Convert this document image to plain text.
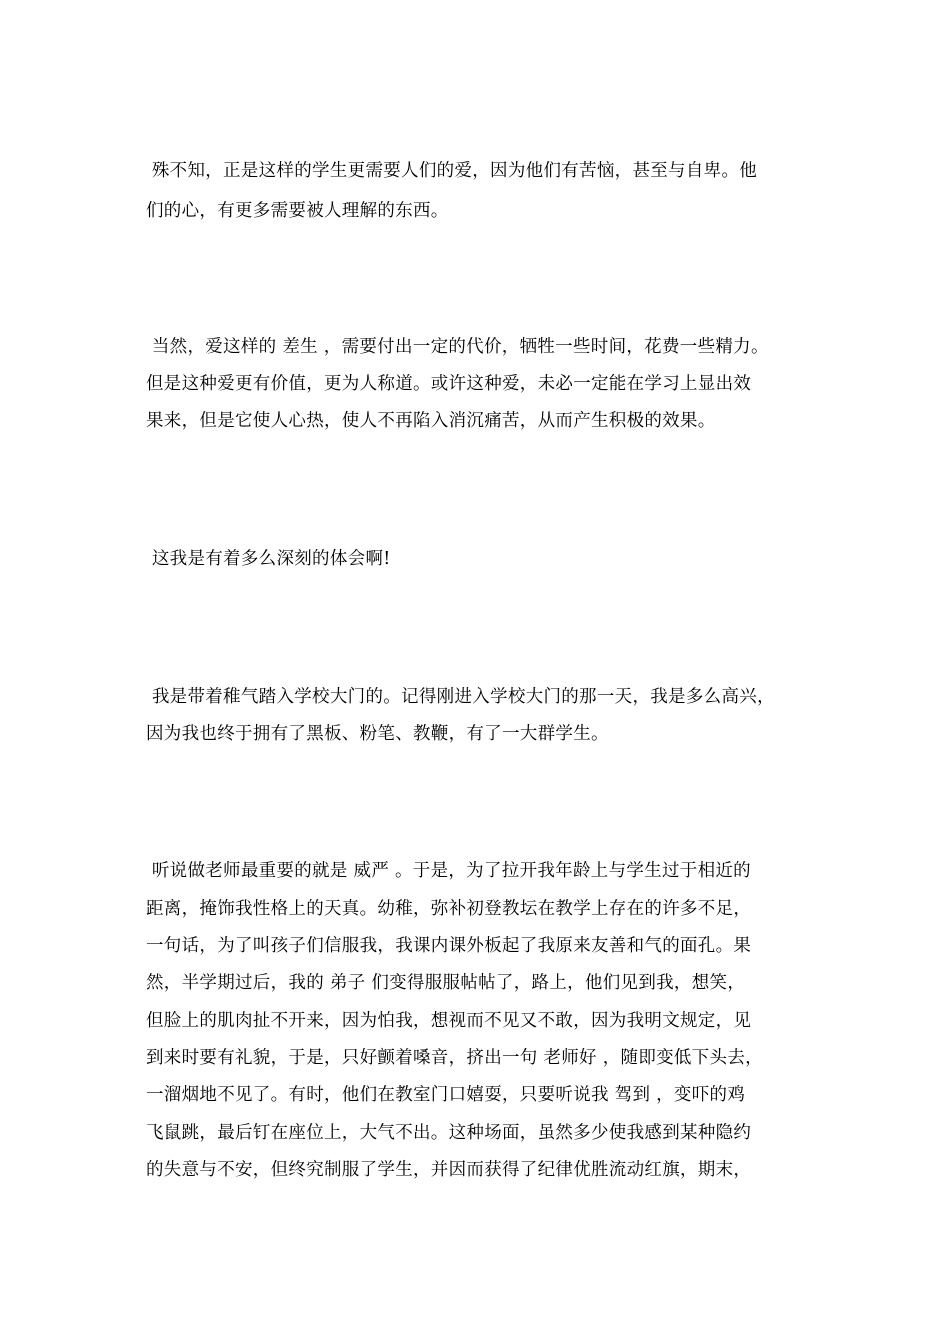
殊不知，正是这样的学生更需要人们的爱，因为他们有苦恼，甚至与自卑。他
们的心，有更多需要被人理解的东西。
当然，爱这样的 差生 ，需要付出一定的代价，牺牲一些时间，花费一些精力。
但是这种爱更有价值，更为人称道。或许这种爱，未必一定能在学习上显出效
果来，但是它使人心热，使人不再陷入消沉痛苦，从而产生积极的效果。
这我是有着多么深刻的体会啊!
我是带着稚气踏入学校大门的。记得刚进入学校大门的那一天，我是多么高兴，
因为我也终于拥有了黑板、粉笔、教鞭，有了一大群学生。
听说做老师最重要的就是 威严 。于是，为了拉开我年龄上与学生过于相近的
距离，掩饰我性格上的天真。幼稚，弥补初登教坛在教学上存在的许多不足，
一句话，为了叫孩子们信服我，我课内课外板起了我原来友善和气的面孔。果
然，半学期过后，我的 弟子 们变得服服帖帖了，路上，他们见到我，想笑，
但脸上的肌肉扯不开来，因为怕我，想视而不见又不敢，因为我明文规定，见
到来时要有礼貌，于是，只好颤着嗓音，挤出一句 老师好 ，随即变低下头去，
一溜烟地不见了。有时，他们在教室门口嬉耍，只要听说我 驾到 ，变吓的鸡
飞鼠跳，最后钉在座位上，大气不出。这种场面，虽然多少使我感到某种隐约
的失意与不安，但终究制服了学生，并因而获得了纪律优胜流动红旗，期末，
